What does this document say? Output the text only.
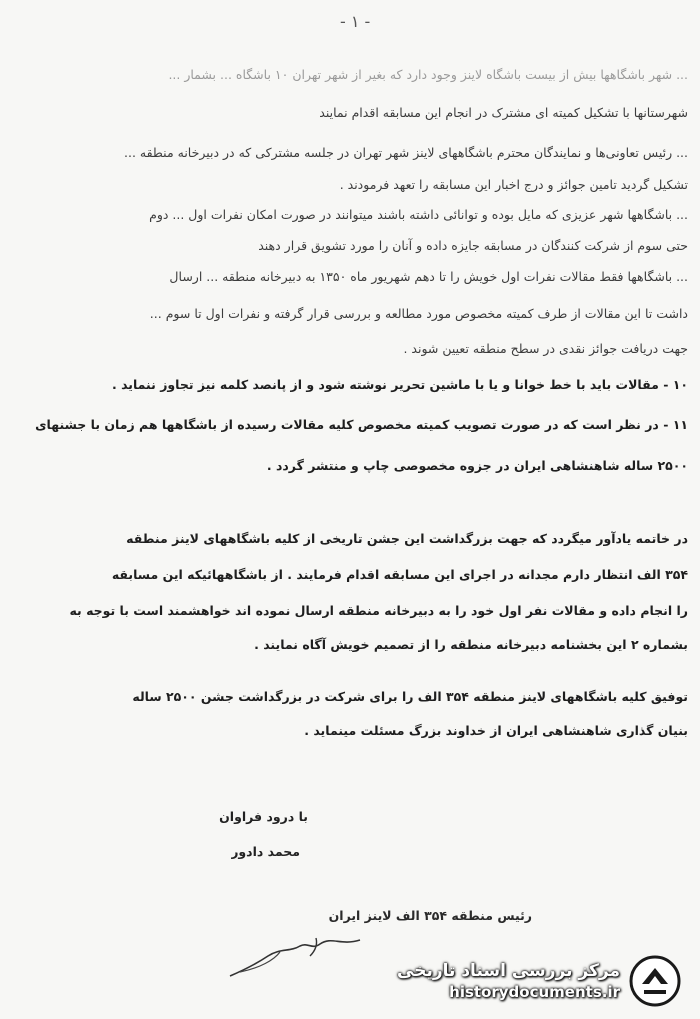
- ۱ -
... شهر باشگاهها بیش از بیست باشگاه لاینز وجود دارد که بغیر از شهر تهران ۱۰ باشگاه ... بشمار ...
شهرستانها با تشکیل کمیته ای مشترک در انجام این مسابقه اقدام نمایند
... رئیس تعاونی‌ها و نمایندگان محترم باشگاههای لاینز شهر تهران در جلسه مشترکی که در دبیرخانه منطقه ...
تشکیل گردید تامین جوائز و درج اخبار این مسابقه را تعهد فرمودند .
... باشگاهها شهر عزیزی که مایل بوده و توانائی داشته باشند میتوانند در صورت امکان نفرات اول ... دوم
حتی سوم از شرکت کنندگان در مسابقه جایزه داده و آنان را مورد تشویق قرار دهند
... باشگاهها فقط مقالات نفرات اول خویش را تا دهم شهریور ماه ۱۳۵۰ به دبیرخانه منطقه ... ارسال
داشت تا این مقالات از طرف کمیته مخصوص مورد مطالعه و بررسی قرار گرفته و نفرات اول تا سوم ...
جهت دریافت جوائز نقدی در سطح منطقه تعیین شوند .
۱۰ - مقالات باید با خط خوانا و یا با ماشین تحریر نوشته شود و از پانصد کلمه نیز تجاوز ننماید .
۱۱ - در نظر است که در صورت تصویب کمیته مخصوص کلیه مقالات رسیده از باشگاهها هم زمان با جشنهای
۲۵۰۰ ساله شاهنشاهی ایران در جزوه مخصوصی چاپ و منتشر گردد .
در خاتمه یادآور میگردد که جهت بزرگداشت این جشن تاریخی از کلیه باشگاههای لاینز منطقه
۳۵۴ الف انتظار دارم مجدانه در اجرای این مسابقه اقدام فرمایند . از باشگاههائیکه این مسابقه
را انجام داده و مقالات نفر اول خود را به دبیرخانه منطقه ارسال نموده اند خواهشمند است با توجه به
بشماره ۲ این بخشنامه دبیرخانه منطقه را از تصمیم خویش آگاه نمایند .
توفیق کلیه باشگاههای لاینز منطقه ۳۵۴ الف را برای شرکت در بزرگداشت جشن ۲۵۰۰ ساله
بنیان گذاری شاهنشاهی ایران از خداوند بزرگ مسئلت مینماید .
با درود فراوان
محمد دادور
رئیس منطقه ۳۵۴ الف لاینز ایران
مرکز بررسی اسناد تاریخی
historydocuments.ir
